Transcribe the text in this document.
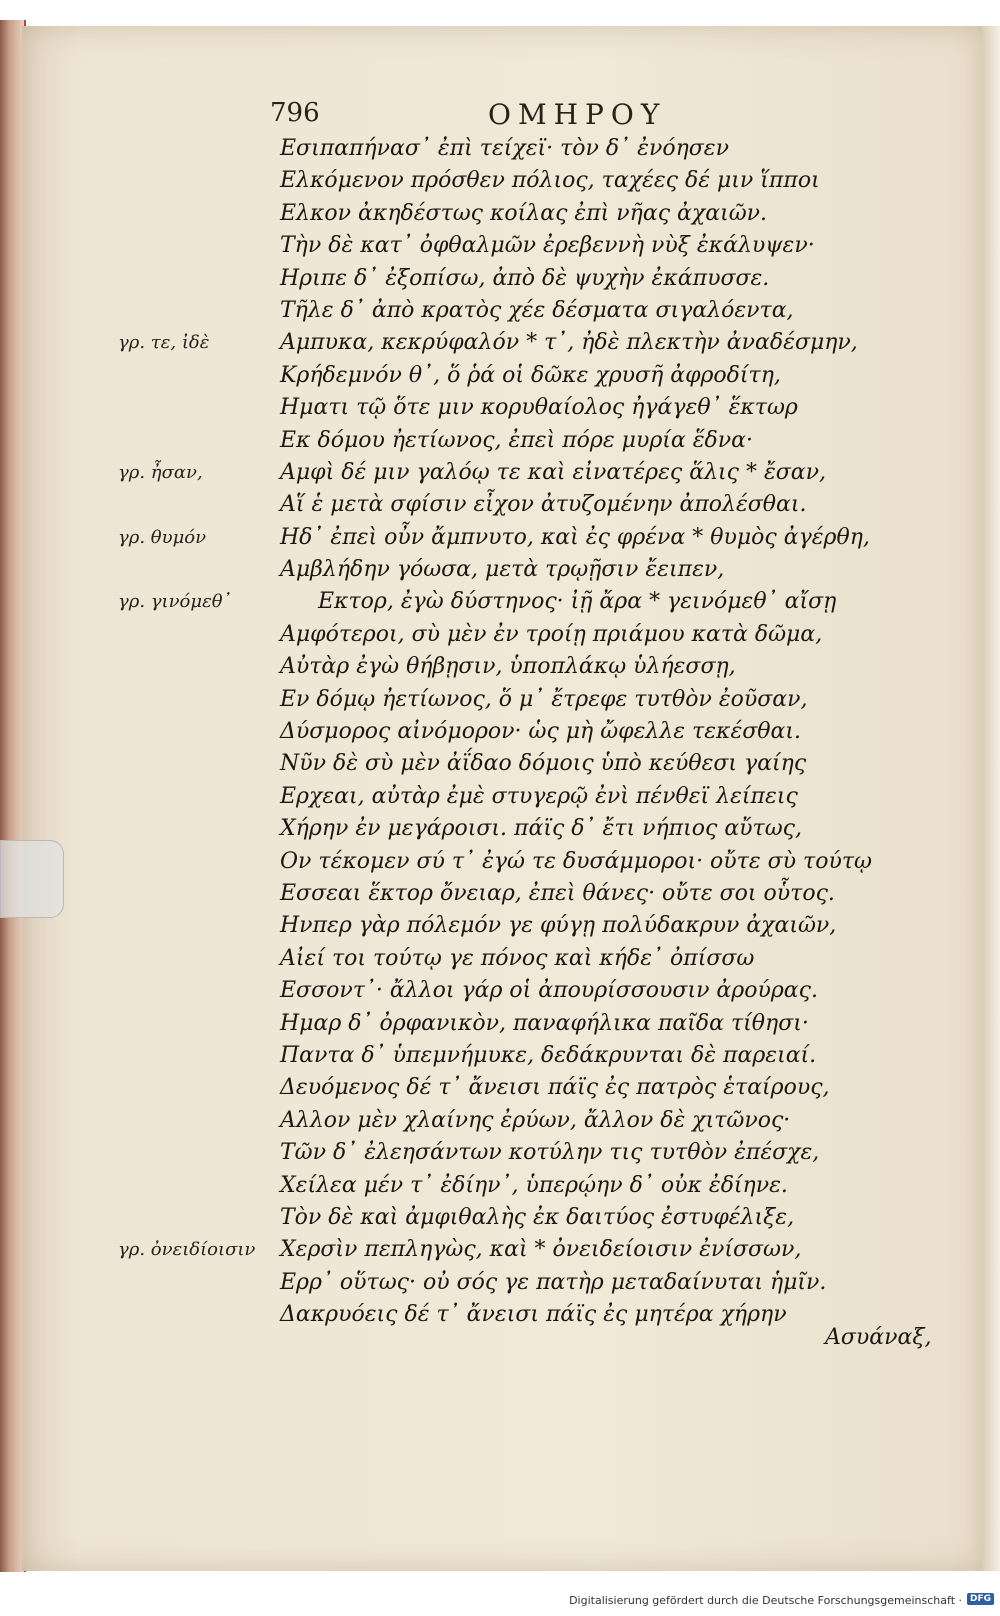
796	ΟΜΗΡΟΥ
Εσιπαπήνασ᾽ ἐπὶ τείχεϊ· τὸν δ᾽ ἐνόησεν
Ελκόμενον πρόσθεν πόλιος, ταχέες δέ μιν ἵπποι
Ελκον ἀκηδέστως κοίλας ἐπὶ νῆας ἀχαιῶν.
Τὴν δὲ κατ᾽ ὀφθαλμῶν ἐρεβεννὴ νὺξ ἐκάλυψεν·
Ηριπε δ᾽ ἐξοπίσω, ἀπὸ δὲ ψυχὴν ἐκάπυσσε.
Τῆλε δ᾽ ἀπὸ κρατὸς χέε δέσματα σιγαλόεντα,
γρ. τε, ἰδὲ	Αμπυκα, κεκρύφαλόν * τ᾽, ἠδὲ πλεκτὴν ἀναδέσμην,
Κρήδεμνόν θ᾽, ὅ ῥά οἱ δῶκε χρυσῆ ἀφροδίτη,
Ηματι τῷ ὅτε μιν κορυθαίολος ἠγάγεθ᾽ ἕκτωρ
Εκ δόμου ἠετίωνος, ἐπεὶ πόρε μυρία ἕδνα·
γρ. ἦσαν,	Αμφὶ δέ μιν γαλόῳ τε καὶ εἰνατέρες ἅλις * ἔσαν,
Αἵ ἑ μετὰ σφίσιν εἶχον ἀτυζομένην ἀπολέσθαι.
γρ. θυμόν	Ηδ᾽ ἐπεὶ οὖν ἄμπνυτο, καὶ ἐς φρένα * θυμὸς ἀγέρθη,
Αμβλήδην γόωσα, μετὰ τρῳῇσιν ἔειπεν,
γρ. γινόμεθ᾽	Εκτορ, ἐγὼ δύστηνος· ἰῇ ἄρα * γεινόμεθ᾽ αἴσῃ
Αμφότεροι, σὺ μὲν ἐν τροίῃ πριάμου κατὰ δῶμα,
Αὐτὰρ ἐγὼ θήβῃσιν, ὑποπλάκῳ ὑλήεσσῃ,
Εν δόμῳ ἠετίωνος, ὅ μ᾽ ἔτρεφε τυτθὸν ἐοῦσαν,
Δύσμορος αἰνόμορον· ὡς μὴ ὤφελλε τεκέσθαι.
Νῦν δὲ σὺ μὲν ἀΐδαο δόμοις ὑπὸ κεύθεσι γαίης
Ερχεαι, αὐτὰρ ἐμὲ στυγερῷ ἐνὶ πένθεϊ λείπεις
Χήρην ἐν μεγάροισι. πάϊς δ᾽ ἔτι νήπιος αὔτως,
Ον τέκομεν σύ τ᾽ ἐγώ τε δυσάμμοροι· οὔτε σὺ τούτῳ
Εσσεαι ἕκτορ ὄνειαρ, ἐπεὶ θάνες· οὔτε σοι οὗτος.
Ηνπερ γὰρ πόλεμόν γε φύγῃ πολύδακρυν ἀχαιῶν,
Αἰεί τοι τούτῳ γε πόνος καὶ κήδε᾽ ὀπίσσω
Εσσοντ᾽· ἄλλοι γάρ οἱ ἀπουρίσσουσιν ἀρούρας.
Ημαρ δ᾽ ὀρφανικὸν, παναφήλικα παῖδα τίθησι·
Παντα δ᾽ ὑπεμνήμυκε, δεδάκρυνται δὲ παρειαί.
Δευόμενος δέ τ᾽ ἄνεισι πάϊς ἐς πατρὸς ἑταίρους,
Αλλον μὲν χλαίνης ἐρύων, ἄλλον δὲ χιτῶνος·
Τῶν δ᾽ ἐλεησάντων κοτύλην τις τυτθὸν ἐπέσχε,
Χείλεα μέν τ᾽ ἐδίην᾽, ὑπερῴην δ᾽ οὐκ ἐδίηνε.
Τὸν δὲ καὶ ἀμφιθαλὴς ἐκ δαιτύος ἐστυφέλιξε,
γρ. ὀνειδίοισιν Χερσὶν πεπληγὼς, καὶ * ὀνειδείοισιν ἐνίσσων,
Ερρ᾽ οὕτως· οὐ σός γε πατὴρ μεταδαίνυται ἡμῖν.
Δακρυόεις δέ τ᾽ ἄνεισι πάϊς ἐς μητέρα χήρην
Ασυάναξ,
Digitalisierung gefördert durch die Deutsche Forschungsgemeinschaft · DFG
